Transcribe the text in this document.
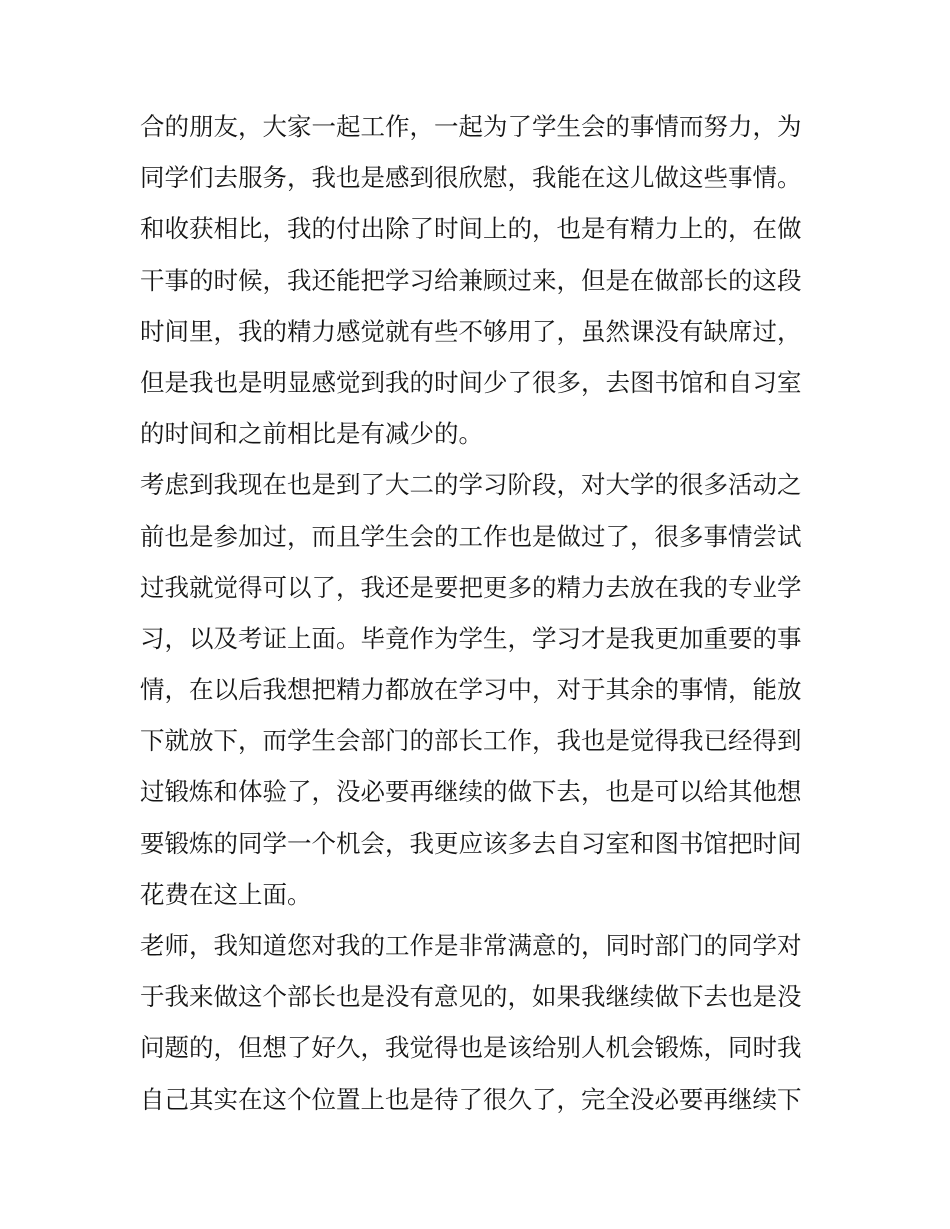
合的朋友，大家一起工作，一起为了学生会的事情而努力，为
同学们去服务，我也是感到很欣慰，我能在这儿做这些事情。
和收获相比，我的付出除了时间上的，也是有精力上的，在做
干事的时候，我还能把学习给兼顾过来，但是在做部长的这段
时间里，我的精力感觉就有些不够用了，虽然课没有缺席过，
但是我也是明显感觉到我的时间少了很多，去图书馆和自习室
的时间和之前相比是有减少的。
考虑到我现在也是到了大二的学习阶段，对大学的很多活动之
前也是参加过，而且学生会的工作也是做过了，很多事情尝试
过我就觉得可以了，我还是要把更多的精力去放在我的专业学
习，以及考证上面。毕竟作为学生，学习才是我更加重要的事
情，在以后我想把精力都放在学习中，对于其余的事情，能放
下就放下，而学生会部门的部长工作，我也是觉得我已经得到
过锻炼和体验了，没必要再继续的做下去，也是可以给其他想
要锻炼的同学一个机会，我更应该多去自习室和图书馆把时间
花费在这上面。
老师，我知道您对我的工作是非常满意的，同时部门的同学对
于我来做这个部长也是没有意见的，如果我继续做下去也是没
问题的，但想了好久，我觉得也是该给别人机会锻炼，同时我
自己其实在这个位置上也是待了很久了，完全没必要再继续下
